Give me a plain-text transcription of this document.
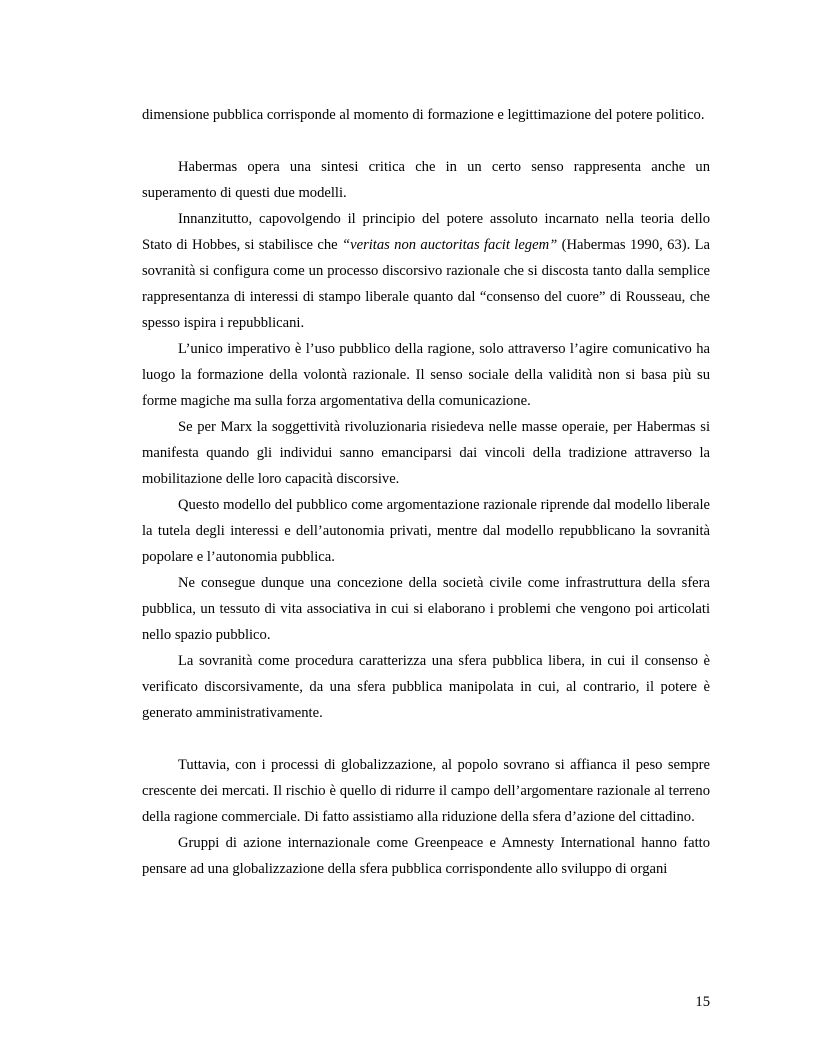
dimensione pubblica corrisponde al momento di formazione e legittimazione del potere politico.

Habermas opera una sintesi critica che in un certo senso rappresenta anche un superamento di questi due modelli.

Innanzitutto, capovolgendo il principio del potere assoluto incarnato nella teoria dello Stato di Hobbes, si stabilisce che “veritas non auctoritas facit legem” (Habermas 1990, 63). La sovranità si configura come un processo discorsivo razionale che si discosta tanto dalla semplice rappresentanza di interessi di stampo liberale quanto dal “consenso del cuore” di Rousseau, che spesso ispira i repubblicani.

L’unico imperativo è l’uso pubblico della ragione, solo attraverso l’agire comunicativo ha luogo la formazione della volontà razionale. Il senso sociale della validità non si basa più su forme magiche ma sulla forza argomentativa della comunicazione.

Se per Marx la soggettività rivoluzionaria risiedeva nelle masse operaie, per Habermas si manifesta quando gli individui sanno emanciparsi dai vincoli della tradizione attraverso la mobilitazione delle loro capacità discorsive.

Questo modello del pubblico come argomentazione razionale riprende dal modello liberale la tutela degli interessi e dell’autonomia privati, mentre dal modello repubblicano la sovranità popolare e l’autonomia pubblica.

Ne consegue dunque una concezione della società civile come infrastruttura della sfera pubblica, un tessuto di vita associativa in cui si elaborano i problemi che vengono poi articolati nello spazio pubblico.

La sovranità come procedura caratterizza una sfera pubblica libera, in cui il consenso è verificato discorsivamente, da una sfera pubblica manipolata in cui, al contrario, il potere è generato amministrativamente.

Tuttavia, con i processi di globalizzazione, al popolo sovrano si affianca il peso sempre crescente dei mercati. Il rischio è quello di ridurre il campo dell’argomentare razionale al terreno della ragione commerciale. Di fatto assistiamo alla riduzione della sfera d’azione del cittadino.

Gruppi di azione internazionale come Greenpeace e Amnesty International hanno fatto pensare ad una globalizzazione della sfera pubblica corrispondente allo sviluppo di organi

15
